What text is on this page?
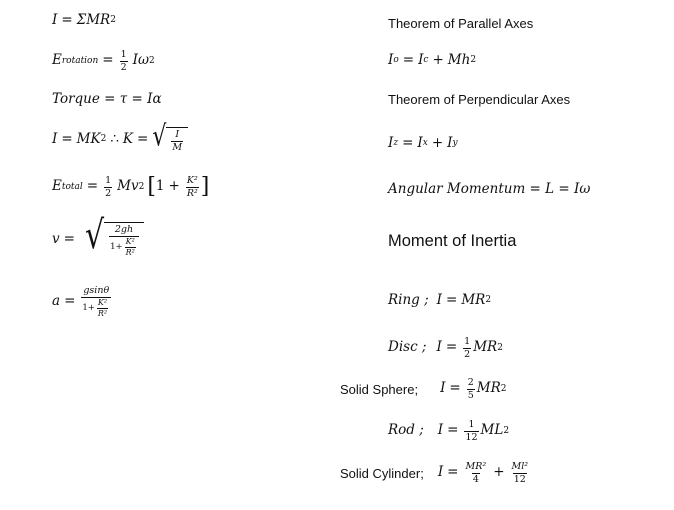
I = ΣMR 2
E rotation = $\frac{1}{2}$ Iω 2
Torque = τ = Iα
I = MK 2 ∴ K = √ $\frac{I}{M}$
E total = $\frac{1}{2}$ Mv 2 [ $1 + \frac{\text{K²}}{\text{R²}}$ ]
v = √ $\frac{2gh}{1+ \frac{\text{K²}}{\text{R²}}}$
$a = \frac{gsin\theta}{1+ \frac{\text{K²}}{\text{R²}}}$
Theorem of Parallel Axes
I o = I c + Mh 2
Theorem of Perpendicular Axes
I z = I x + I y
Angular Momentum = L = Iω
Moment of Inertia
Ring ; I = MR 2
Disc ; $I = \frac{1}{2}$ MR 2
Solid Sphere; $I = \frac{2}{5}$ MR 2
Rod ; $I = \frac{1}{12}$ ML 2
Solid Cylinder; $I = \frac{\text{MR²}}{4} + \frac{\text{Ml²}}{12}$
